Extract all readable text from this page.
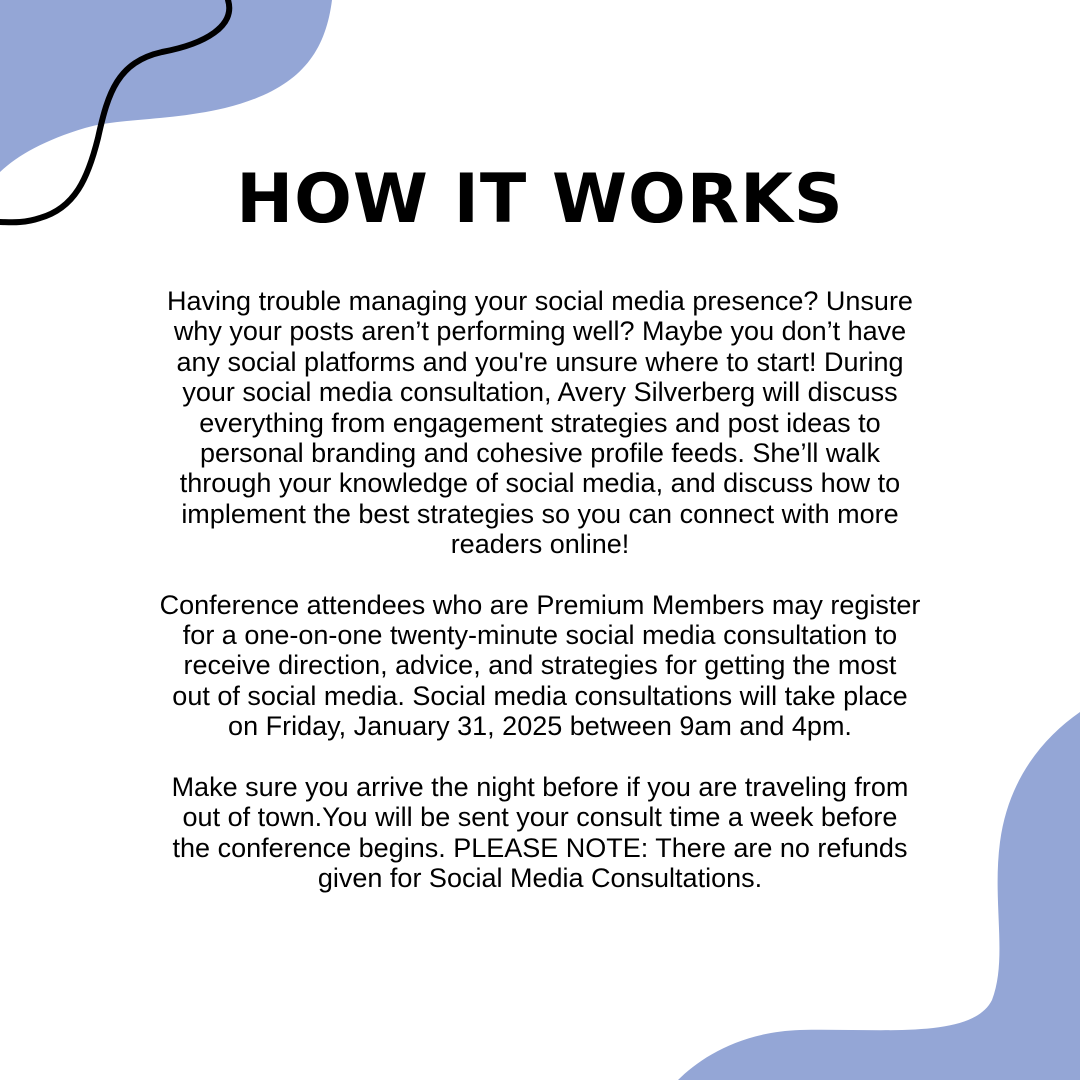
HOW IT WORKS

Having trouble managing your social media presence? Unsure
why your posts aren’t performing well? Maybe you don’t have
any social platforms and you're unsure where to start! During
your social media consultation, Avery Silverberg will discuss
everything from engagement strategies and post ideas to
personal branding and cohesive profile feeds. She’ll walk
through your knowledge of social media, and discuss how to
implement the best strategies so you can connect with more
readers online!

Conference attendees who are Premium Members may register
for a one-on-one twenty-minute social media consultation to
receive direction, advice, and strategies for getting the most
out of social media. Social media consultations will take place
on Friday, January 31, 2025 between 9am and 4pm.

Make sure you arrive the night before if you are traveling from
out of town.You will be sent your consult time a week before
the conference begins. PLEASE NOTE: There are no refunds
given for Social Media Consultations.
